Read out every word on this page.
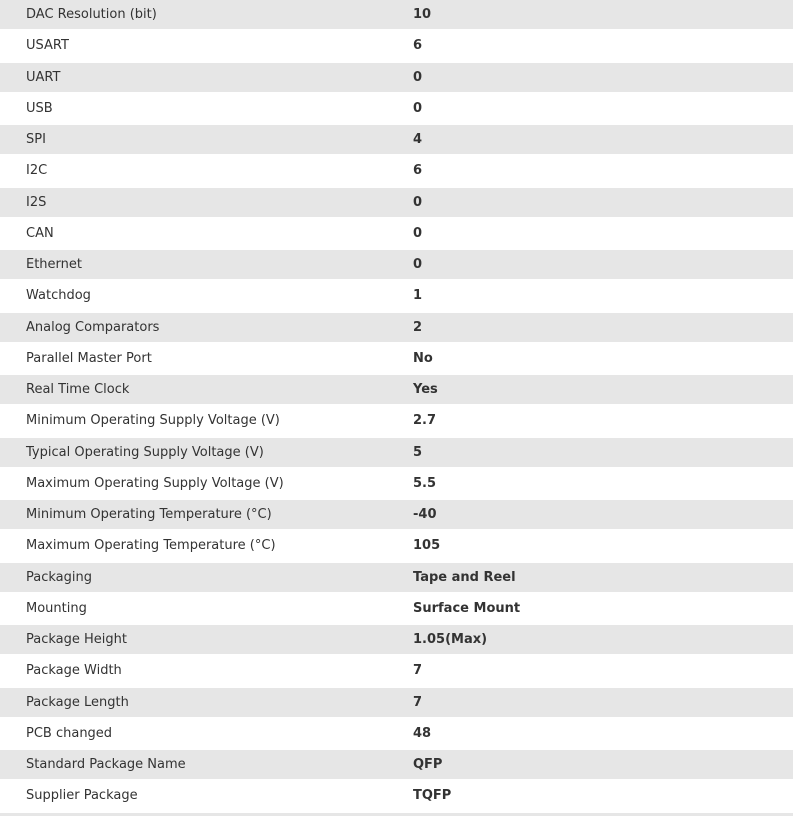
DAC Resolution (bit)	10
USART	6
UART	0
USB	0
SPI	4
I2C	6
I2S	0
CAN	0
Ethernet	0
Watchdog	1
Analog Comparators	2
Parallel Master Port	No
Real Time Clock	Yes
Minimum Operating Supply Voltage (V)	2.7
Typical Operating Supply Voltage (V)	5
Maximum Operating Supply Voltage (V)	5.5
Minimum Operating Temperature (°C)	-40
Maximum Operating Temperature (°C)	105
Packaging	Tape and Reel
Mounting	Surface Mount
Package Height	1.05(Max)
Package Width	7
Package Length	7
PCB changed	48
Standard Package Name	QFP
Supplier Package	TQFP
